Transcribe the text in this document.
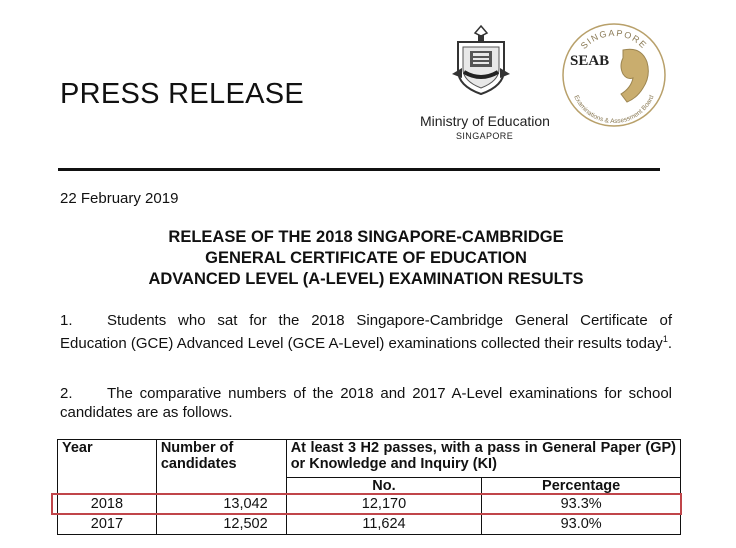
PRESS RELEASE
Ministry of Education
SINGAPORE
SINGAPORE
Examinations & Assessment Board
SEAB
22 February 2019
RELEASE OF THE 2018 SINGAPORE-CAMBRIDGE
GENERAL CERTIFICATE OF EDUCATION
ADVANCED LEVEL (A-LEVEL) EXAMINATION RESULTS
1. Students who sat for the 2018 Singapore-Cambridge General Certificate of Education (GCE) Advanced Level (GCE A-Level) examinations collected their results today$^1$.
2. The comparative numbers of the 2018 and 2017 A-Level examinations for school candidates are as follows.
Year	Number of candidates	At least 3 H2 passes, with a pass in General Paper (GP) or Knowledge and Inquiry (KI)	
		No.	Percentage
2018	13,042	12,170	93.3%
2017	12,502	11,624	93.0%
